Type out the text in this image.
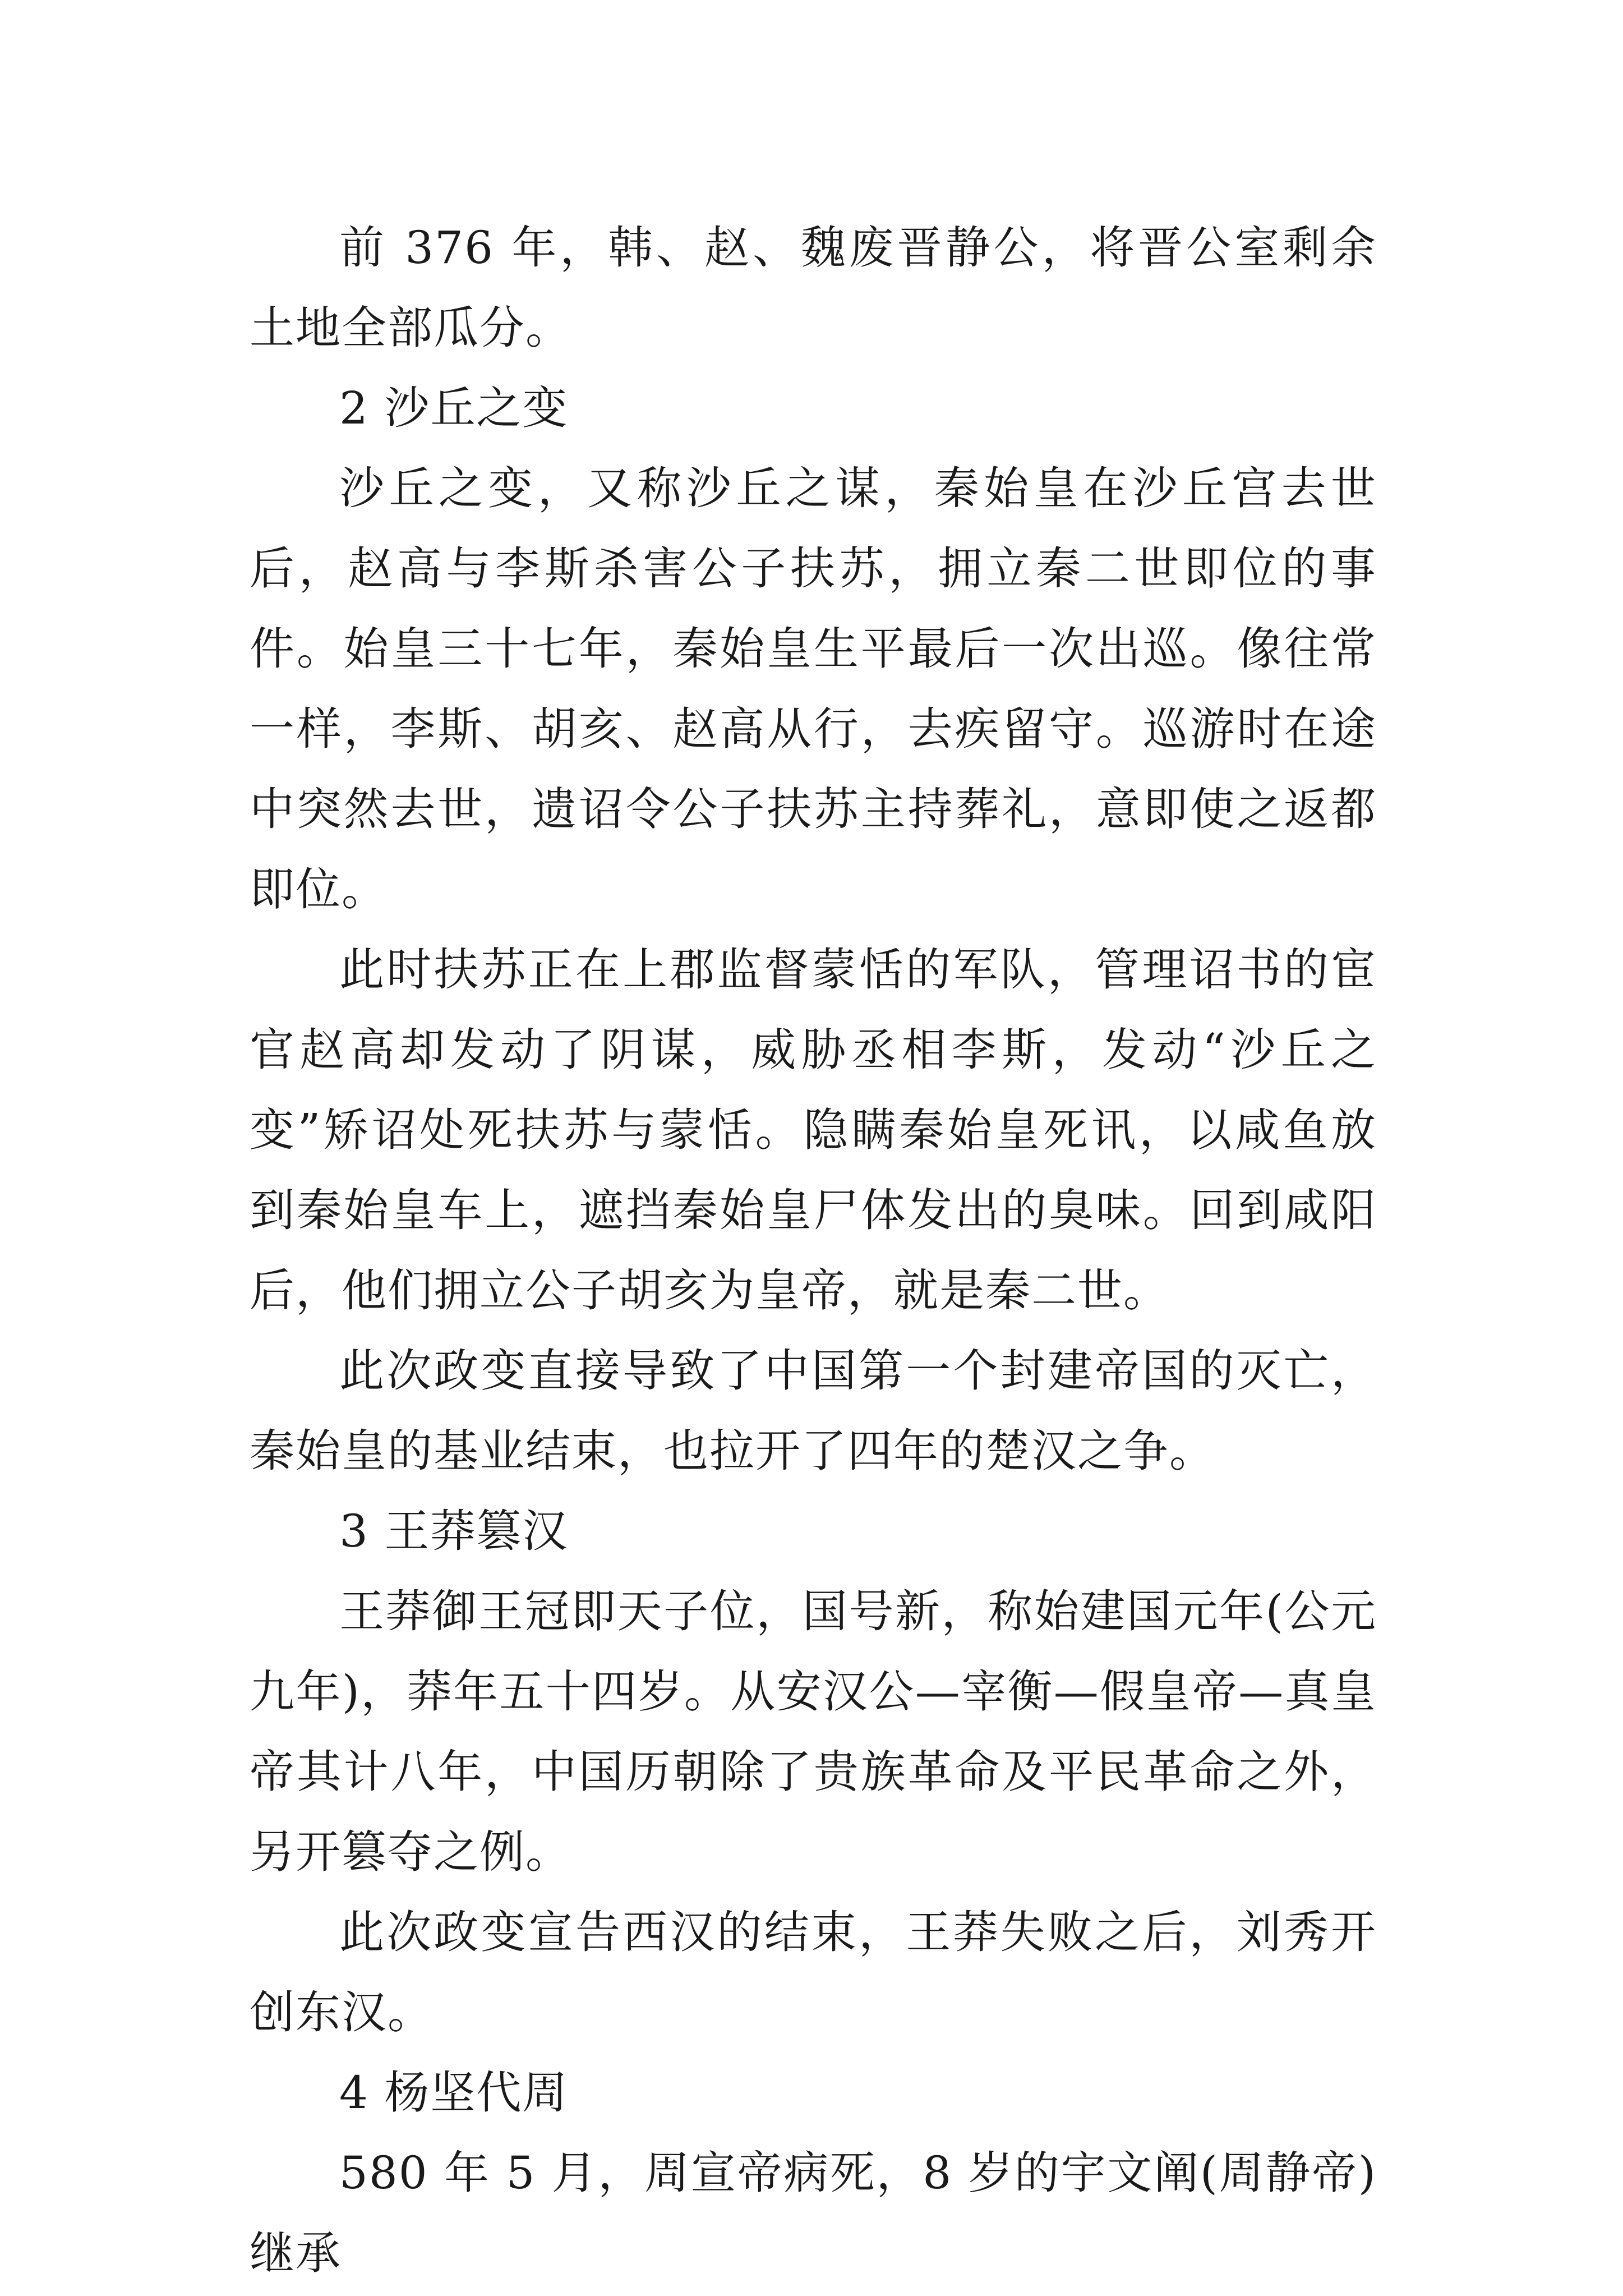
前 376 年，韩、赵、魏废晋静公，将晋公室剩余土地全部瓜分。

2 沙丘之变

沙丘之变，又称沙丘之谋，秦始皇在沙丘宫去世后，赵高与李斯杀害公子扶苏，拥立秦二世即位的事件。始皇三十七年，秦始皇生平最后一次出巡。像往常一样，李斯、胡亥、赵高从行，去疾留守。巡游时在途中突然去世，遗诏令公子扶苏主持葬礼，意即使之返都即位。

此时扶苏正在上郡监督蒙恬的军队，管理诏书的宦官赵高却发动了阴谋，威胁丞相李斯，发动“沙丘之变”矫诏处死扶苏与蒙恬。隐瞒秦始皇死讯，以咸鱼放到秦始皇车上，遮挡秦始皇尸体发出的臭味。回到咸阳后，他们拥立公子胡亥为皇帝，就是秦二世。

此次政变直接导致了中国第一个封建帝国的灭亡，秦始皇的基业结束，也拉开了四年的楚汉之争。

3 王莽篡汉

王莽御王冠即天子位，国号新，称始建国元年(公元九年)，莽年五十四岁。从安汉公—宰衡—假皇帝—真皇帝其计八年，中国历朝除了贵族革命及平民革命之外，另开篡夺之例。

此次政变宣告西汉的结束，王莽失败之后，刘秀开创东汉。

4 杨坚代周

580 年 5 月，周宣帝病死，8 岁的宇文阐(周静帝)继承
